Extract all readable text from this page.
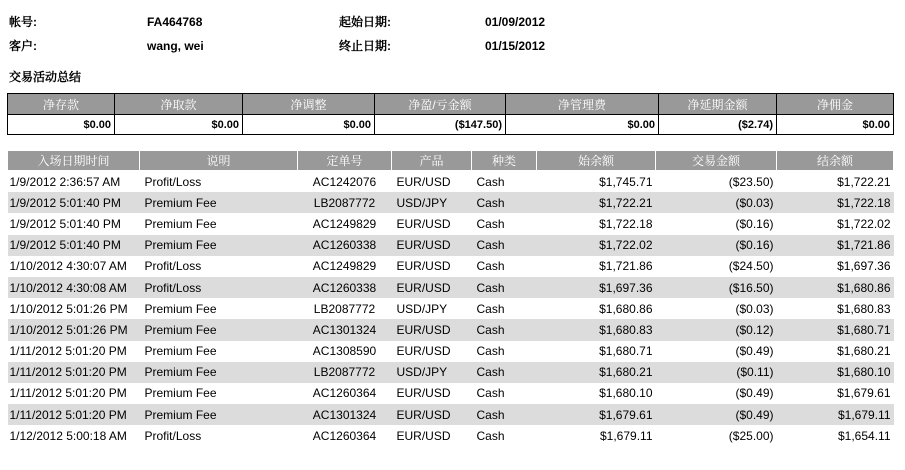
帐号:	FA464768	起始日期:	01/09/2012
客户:	wang, wei	终止日期:	01/15/2012
交易活动总结
净存款	净取款	净调整	净盈/亏金额	净管理费	净延期金额	净佣金
$0.00	$0.00	$0.00	($147.50)	$0.00	($2.74)	$0.00
入场日期时间	说明	定单号	产品	种类	始余额	交易金额	结余额
1/9/2012 2:36:57 AM	Profit/Loss	AC1242076	EUR/USD	Cash	$1,745.71	($23.50)	$1,722.21
1/9/2012 5:01:40 PM	Premium Fee	LB2087772	USD/JPY	Cash	$1,722.21	($0.03)	$1,722.18
1/9/2012 5:01:40 PM	Premium Fee	AC1249829	EUR/USD	Cash	$1,722.18	($0.16)	$1,722.02
1/9/2012 5:01:40 PM	Premium Fee	AC1260338	EUR/USD	Cash	$1,722.02	($0.16)	$1,721.86
1/10/2012 4:30:07 AM	Profit/Loss	AC1249829	EUR/USD	Cash	$1,721.86	($24.50)	$1,697.36
1/10/2012 4:30:08 AM	Profit/Loss	AC1260338	EUR/USD	Cash	$1,697.36	($16.50)	$1,680.86
1/10/2012 5:01:26 PM	Premium Fee	LB2087772	USD/JPY	Cash	$1,680.86	($0.03)	$1,680.83
1/10/2012 5:01:26 PM	Premium Fee	AC1301324	EUR/USD	Cash	$1,680.83	($0.12)	$1,680.71
1/11/2012 5:01:20 PM	Premium Fee	AC1308590	EUR/USD	Cash	$1,680.71	($0.49)	$1,680.21
1/11/2012 5:01:20 PM	Premium Fee	LB2087772	USD/JPY	Cash	$1,680.21	($0.11)	$1,680.10
1/11/2012 5:01:20 PM	Premium Fee	AC1260364	EUR/USD	Cash	$1,680.10	($0.49)	$1,679.61
1/11/2012 5:01:20 PM	Premium Fee	AC1301324	EUR/USD	Cash	$1,679.61	($0.49)	$1,679.11
1/12/2012 5:00:18 AM	Profit/Loss	AC1260364	EUR/USD	Cash	$1,679.11	($25.00)	$1,654.11
